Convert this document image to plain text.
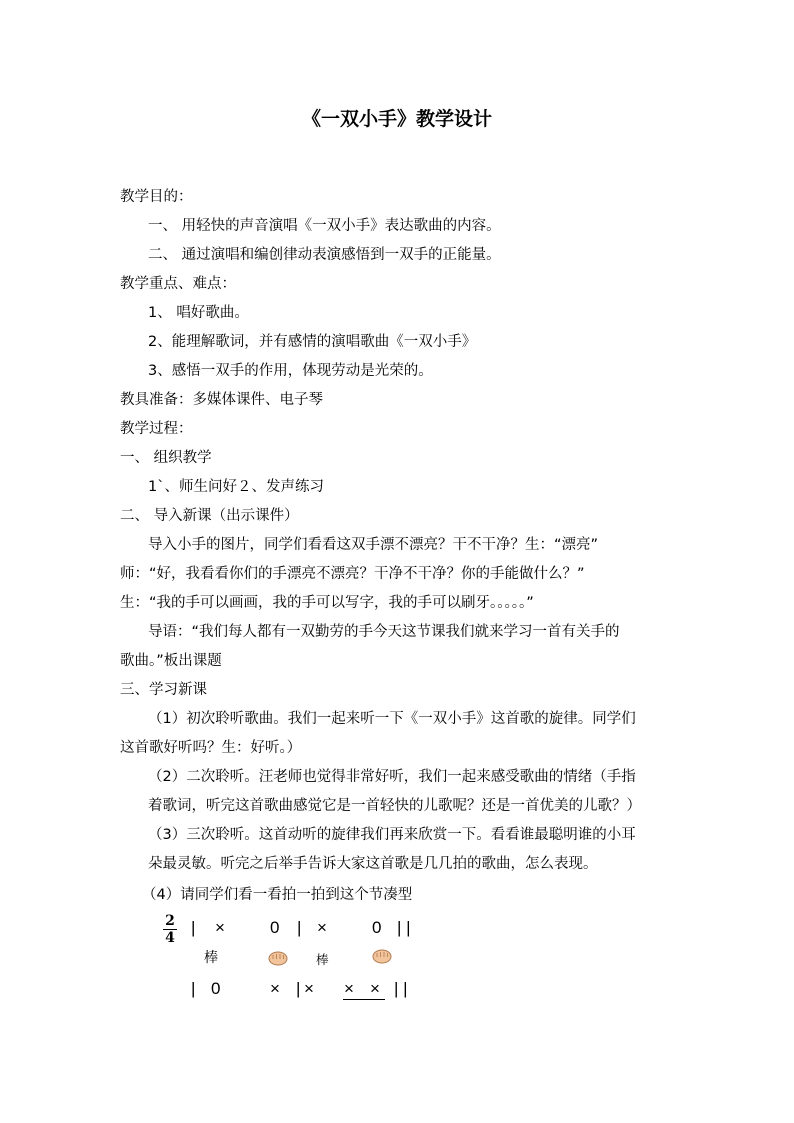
《一双小手》教学设计
教学目的：
一、 用轻快的声音演唱《一双小手》表达歌曲的内容。
二、 通过演唱和编创律动表演感悟到一双手的正能量。
教学重点、难点：
1、 唱好歌曲。
2、能理解歌词，并有感情的演唱歌曲《一双小手》
3、感悟一双手的作用，体现劳动是光荣的。
教具准备：多媒体课件、电子琴
教学过程：
一、 组织教学
1`、师生问好２、发声练习
二、 导入新课（出示课件）
导入小手的图片，同学们看看这双手漂不漂亮？干不干净？生：“漂亮”
师：“好，我看看你们的手漂亮不漂亮？干净不干净？你的手能做什么？”
生：“我的手可以画画，我的手可以写字，我的手可以刷牙。。。。。”
导语：“我们每人都有一双勤劳的手今天这节课我们就来学习一首有关手的
歌曲。”板出课题
三、学习新课
（1）初次聆听歌曲。我们一起来听一下《一双小手》这首歌的旋律。同学们
这首歌好听吗？生：好听。）
（2）二次聆听。汪老师也觉得非常好听，我们一起来感受歌曲的情绪（手指
着歌词，听完这首歌曲感觉它是一首轻快的儿歌呢？还是一首优美的儿歌？）
（3）三次聆听。这首动听的旋律我们再来欣赏一下。看看谁最聪明谁的小耳
朵最灵敏。听完之后举手告诉大家这首歌是几几拍的歌曲，怎么表现。
（4）请同学们看一看拍一拍到这个节凑型
2
4
| ×	0 | ×	0 | |
棒	棒
| 0	× | × × × | |
